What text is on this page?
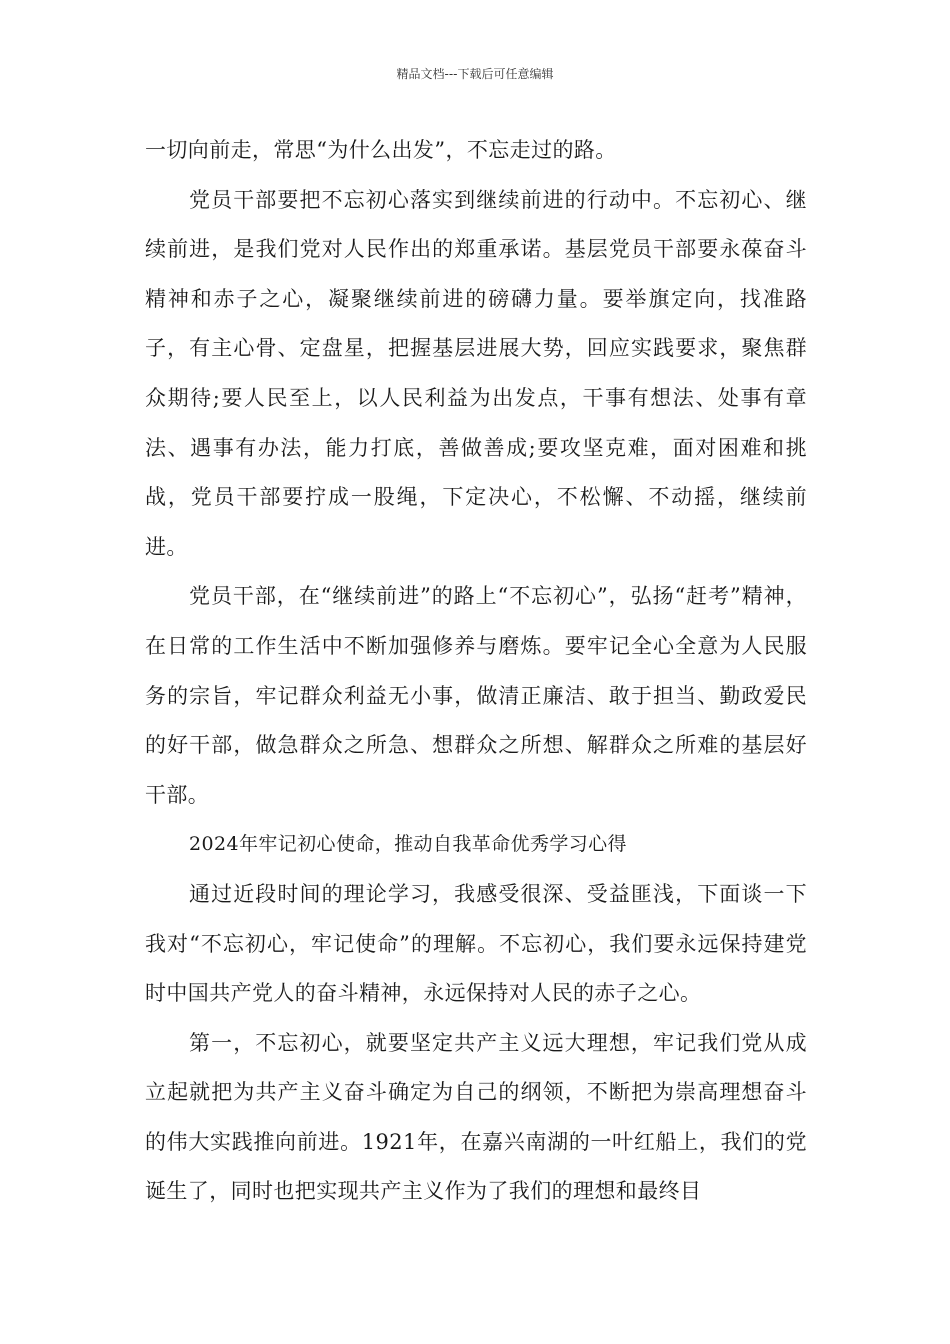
精品文档---下载后可任意编辑

一切向前走，常思“为什么出发”，不忘走过的路。

党员干部要把不忘初心落实到继续前进的行动中。不忘初心、继续前进，是我们党对人民作出的郑重承诺。基层党员干部要永葆奋斗精神和赤子之心，凝聚继续前进的磅礴力量。要举旗定向，找准路子，有主心骨、定盘星，把握基层进展大势，回应实践要求，聚焦群众期待;要人民至上，以人民利益为出发点，干事有想法、处事有章法、遇事有办法，能力打底，善做善成;要攻坚克难，面对困难和挑战，党员干部要拧成一股绳，下定决心，不松懈、不动摇，继续前进。

党员干部，在“继续前进”的路上“不忘初心”，弘扬“赶考”精神，在日常的工作生活中不断加强修养与磨炼。要牢记全心全意为人民服务的宗旨，牢记群众利益无小事，做清正廉洁、敢于担当、勤政爱民的好干部，做急群众之所急、想群众之所想、解群众之所难的基层好干部。

2024年牢记初心使命，推动自我革命优秀学习心得

通过近段时间的理论学习，我感受很深、受益匪浅，下面谈一下我对“不忘初心，牢记使命”的理解。不忘初心，我们要永远保持建党时中国共产党人的奋斗精神，永远保持对人民的赤子之心。

第一，不忘初心，就要坚定共产主义远大理想，牢记我们党从成立起就把为共产主义奋斗确定为自己的纲领，不断把为崇高理想奋斗的伟大实践推向前进。1921年，在嘉兴南湖的一叶红船上，我们的党诞生了，同时也把实现共产主义作为了我们的理想和最终目
